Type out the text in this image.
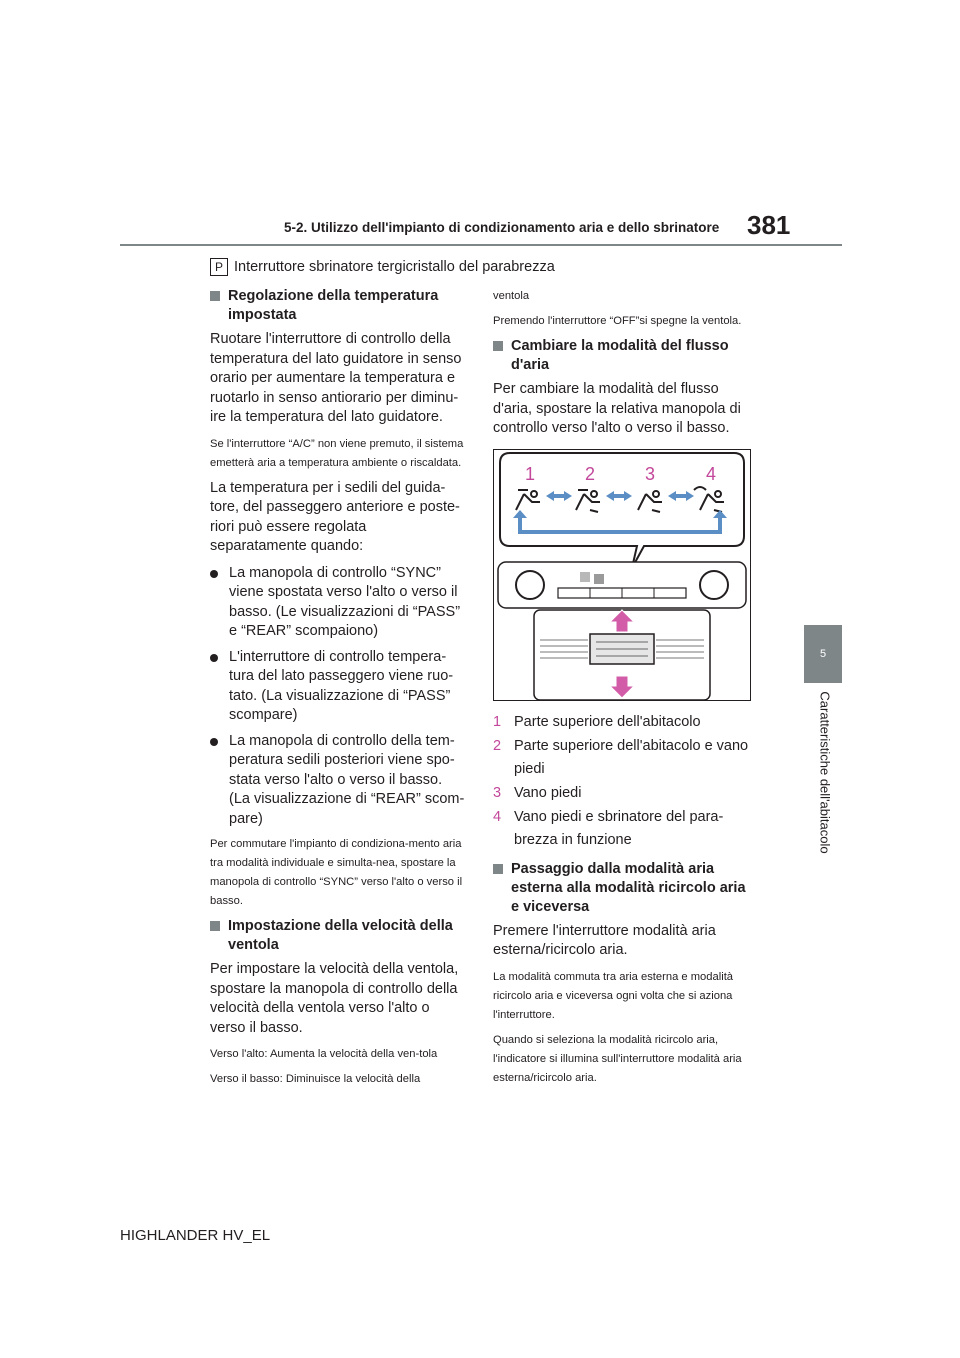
5-2. Utilizzo dell'impianto di condizionamento aria e dello sbrinatore 381
5
Caratteristiche dell'abitacolo
P Interruttore sbrinatore tergicristallo del parabrezza
Regolazione della temperatura impostata
Ruotare l'interruttore di controllo della temperatura del lato guidatore in senso orario per aumentare la temperatura e ruotarlo in senso antiorario per diminu-ire la temperatura del lato guidatore.
Se l'interruttore “A/C” non viene premuto, il sistema emetterà aria a temperatura ambiente o riscaldata.
La temperatura per i sedili del guida-tore, del passeggero anteriore e poste-riori può essere regolata separatamente quando:
La manopola di controllo “SYNC” viene spostata verso l'alto o verso il basso. (Le visualizzazioni di “PASS” e “REAR” scompaiono)
L'interruttore di controllo tempera-tura del lato passeggero viene ruo-tato. (La visualizzazione di “PASS” scompare)
La manopola di controllo della tem-peratura sedili posteriori viene spo-stata verso l'alto o verso il basso. (La visualizzazione di “REAR” scom-pare)
Per commutare l'impianto di condiziona-mento aria tra modalità individuale e simulta-nea, spostare la manopola di controllo “SYNC” verso l'alto o verso il basso.
Impostazione della velocità della ventola
Per impostare la velocità della ventola, spostare la manopola di controllo della velocità della ventola verso l'alto o verso il basso.
Verso l'alto: Aumenta la velocità della ven-tola
Verso il basso: Diminuisce la velocità della
ventola
Premendo l'interruttore “OFF”si spegne la ventola.
Cambiare la modalità del flusso d'aria
Per cambiare la modalità del flusso d'aria, spostare la relativa manopola di controllo verso l'alto o verso il basso.
1	2	3	4
1 Parte superiore dell'abitacolo
2 Parte superiore dell'abitacolo e vano piedi
3 Vano piedi
4 Vano piedi e sbrinatore del para-brezza in funzione
Passaggio dalla modalità aria esterna alla modalità ricircolo aria e viceversa
Premere l'interruttore modalità aria esterna/ricircolo aria.
La modalità commuta tra aria esterna e modalità ricircolo aria e viceversa ogni volta che si aziona l'interruttore.
Quando si seleziona la modalità ricircolo aria, l'indicatore si illumina sull'interruttore modalità aria esterna/ricircolo aria.
HIGHLANDER HV_EL
